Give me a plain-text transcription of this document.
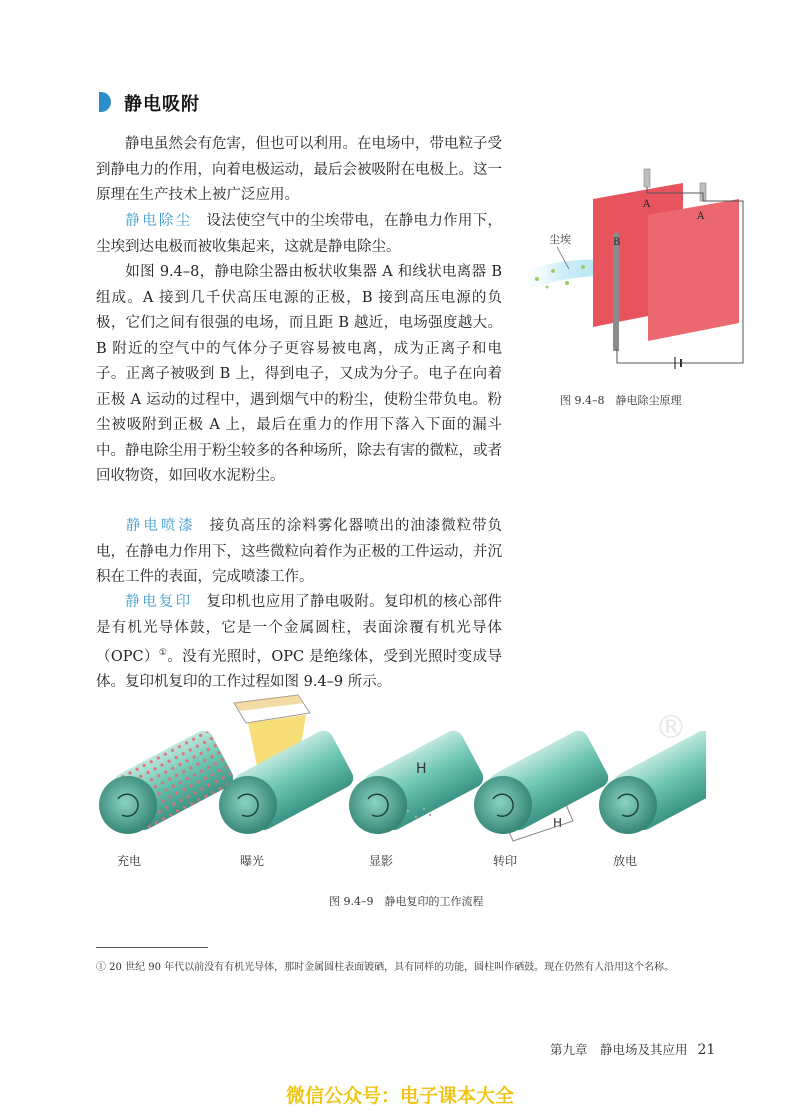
静电吸附

静电虽然会有危害，但也可以利用。在电场中，带电粒子受到静电力的作用，向着电极运动，最后会被吸附在电极上。这一原理在生产技术上被广泛应用。

静电除尘 设法使空气中的尘埃带电，在静电力作用下，尘埃到达电极而被收集起来，这就是静电除尘。

如图 9.4–8，静电除尘器由板状收集器 A 和线状电离器 B 组成。A 接到几千伏高压电源的正极，B 接到高压电源的负极，它们之间有很强的电场，而且距 B 越近，电场强度越大。B 附近的空气中的气体分子更容易被电离，成为正离子和电子。正离子被吸到 B 上，得到电子，又成为分子。电子在向着正极 A 运动的过程中，遇到烟气中的粉尘，使粉尘带负电。粉尘被吸附到正极 A 上，最后在重力的作用下落入下面的漏斗中。静电除尘用于粉尘较多的各种场所，除去有害的微粒，或者回收物资，如回收水泥粉尘。

静电喷漆 接负高压的涂料雾化器喷出的油漆微粒带负电，在静电力作用下，这些微粒向着作为正极的工件运动，并沉积在工件的表面，完成喷漆工作。

静电复印 复印机也应用了静电吸附。复印机的核心部件是有机光导体鼓，它是一个金属圆柱，表面涂覆有机光导体（OPC）①。没有光照时，OPC 是绝缘体，受到光照时变成导体。复印机复印的工作过程如图 9.4–9 所示。

尘埃
A
A
B
图 9.4–8　静电除尘原理
®
H
H
充电	曝光	显影	转印	放电
图 9.4–9　静电复印的工作流程

① 20 世纪 90 年代以前没有有机光导体，那时金属圆柱表面镀硒，具有同样的功能，圆柱叫作硒鼓。现在仍然有人沿用这个名称。

第九章　静电场及其应用 21
微信公众号：电子课本大全
